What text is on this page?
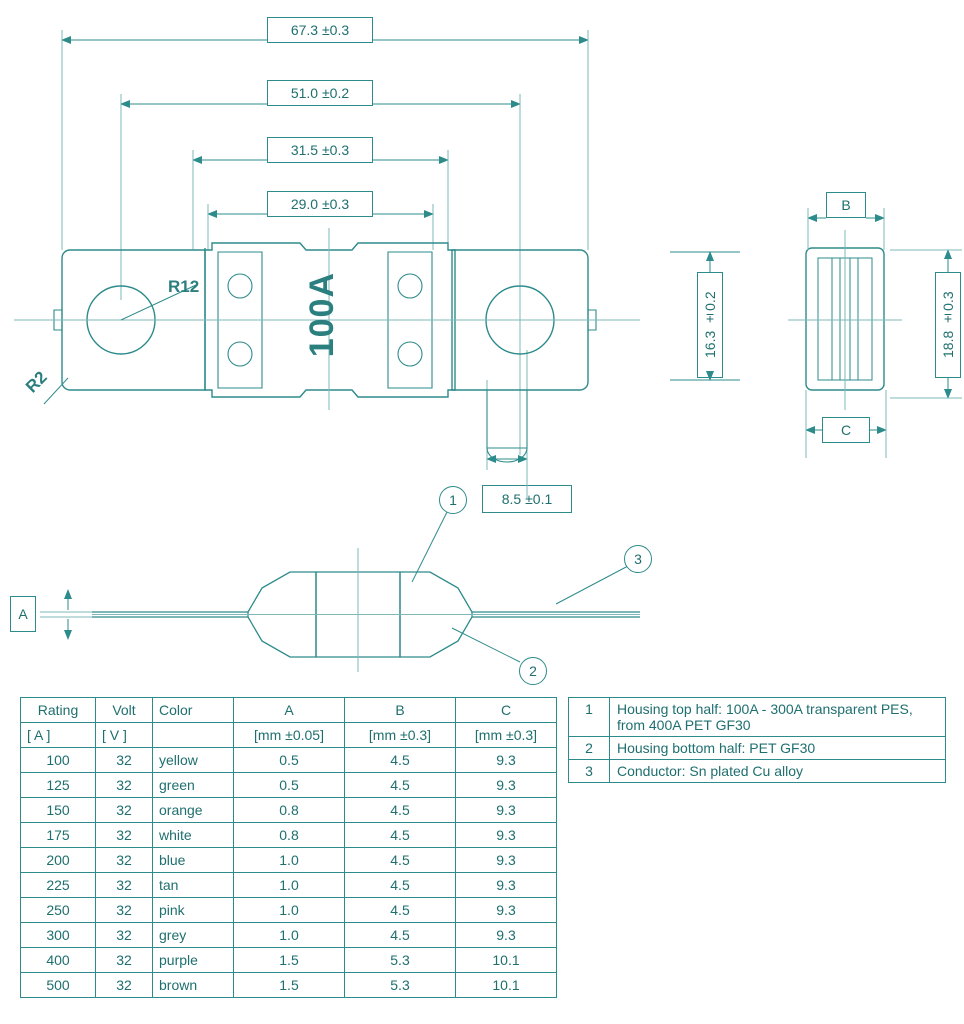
67.3 ±0.3
51.0 ±0.2
31.5 ±0.3
29.0 ±0.3
16.3 ±0.2
8.5 ±0.1
R12
R2
100A
B
C
18.8 ±0.3
A
1
2
3
Rating	Volt	Color	A	B	C
[ A ]	[ V ]		[mm ±0.05]	[mm ±0.3]	[mm ±0.3]
100	32	yellow	0.5	4.5	9.3
125	32	green	0.5	4.5	9.3
150	32	orange	0.8	4.5	9.3
175	32	white	0.8	4.5	9.3
200	32	blue	1.0	4.5	9.3
225	32	tan	1.0	4.5	9.3
250	32	pink	1.0	4.5	9.3
300	32	grey	1.0	4.5	9.3
400	32	purple	1.5	5.3	10.1
500	32	brown	1.5	5.3	10.1
1	Housing top half: 100A - 300A transparent PES, from 400A PET GF30
2	Housing bottom half: PET GF30
3	Conductor: Sn plated Cu alloy
